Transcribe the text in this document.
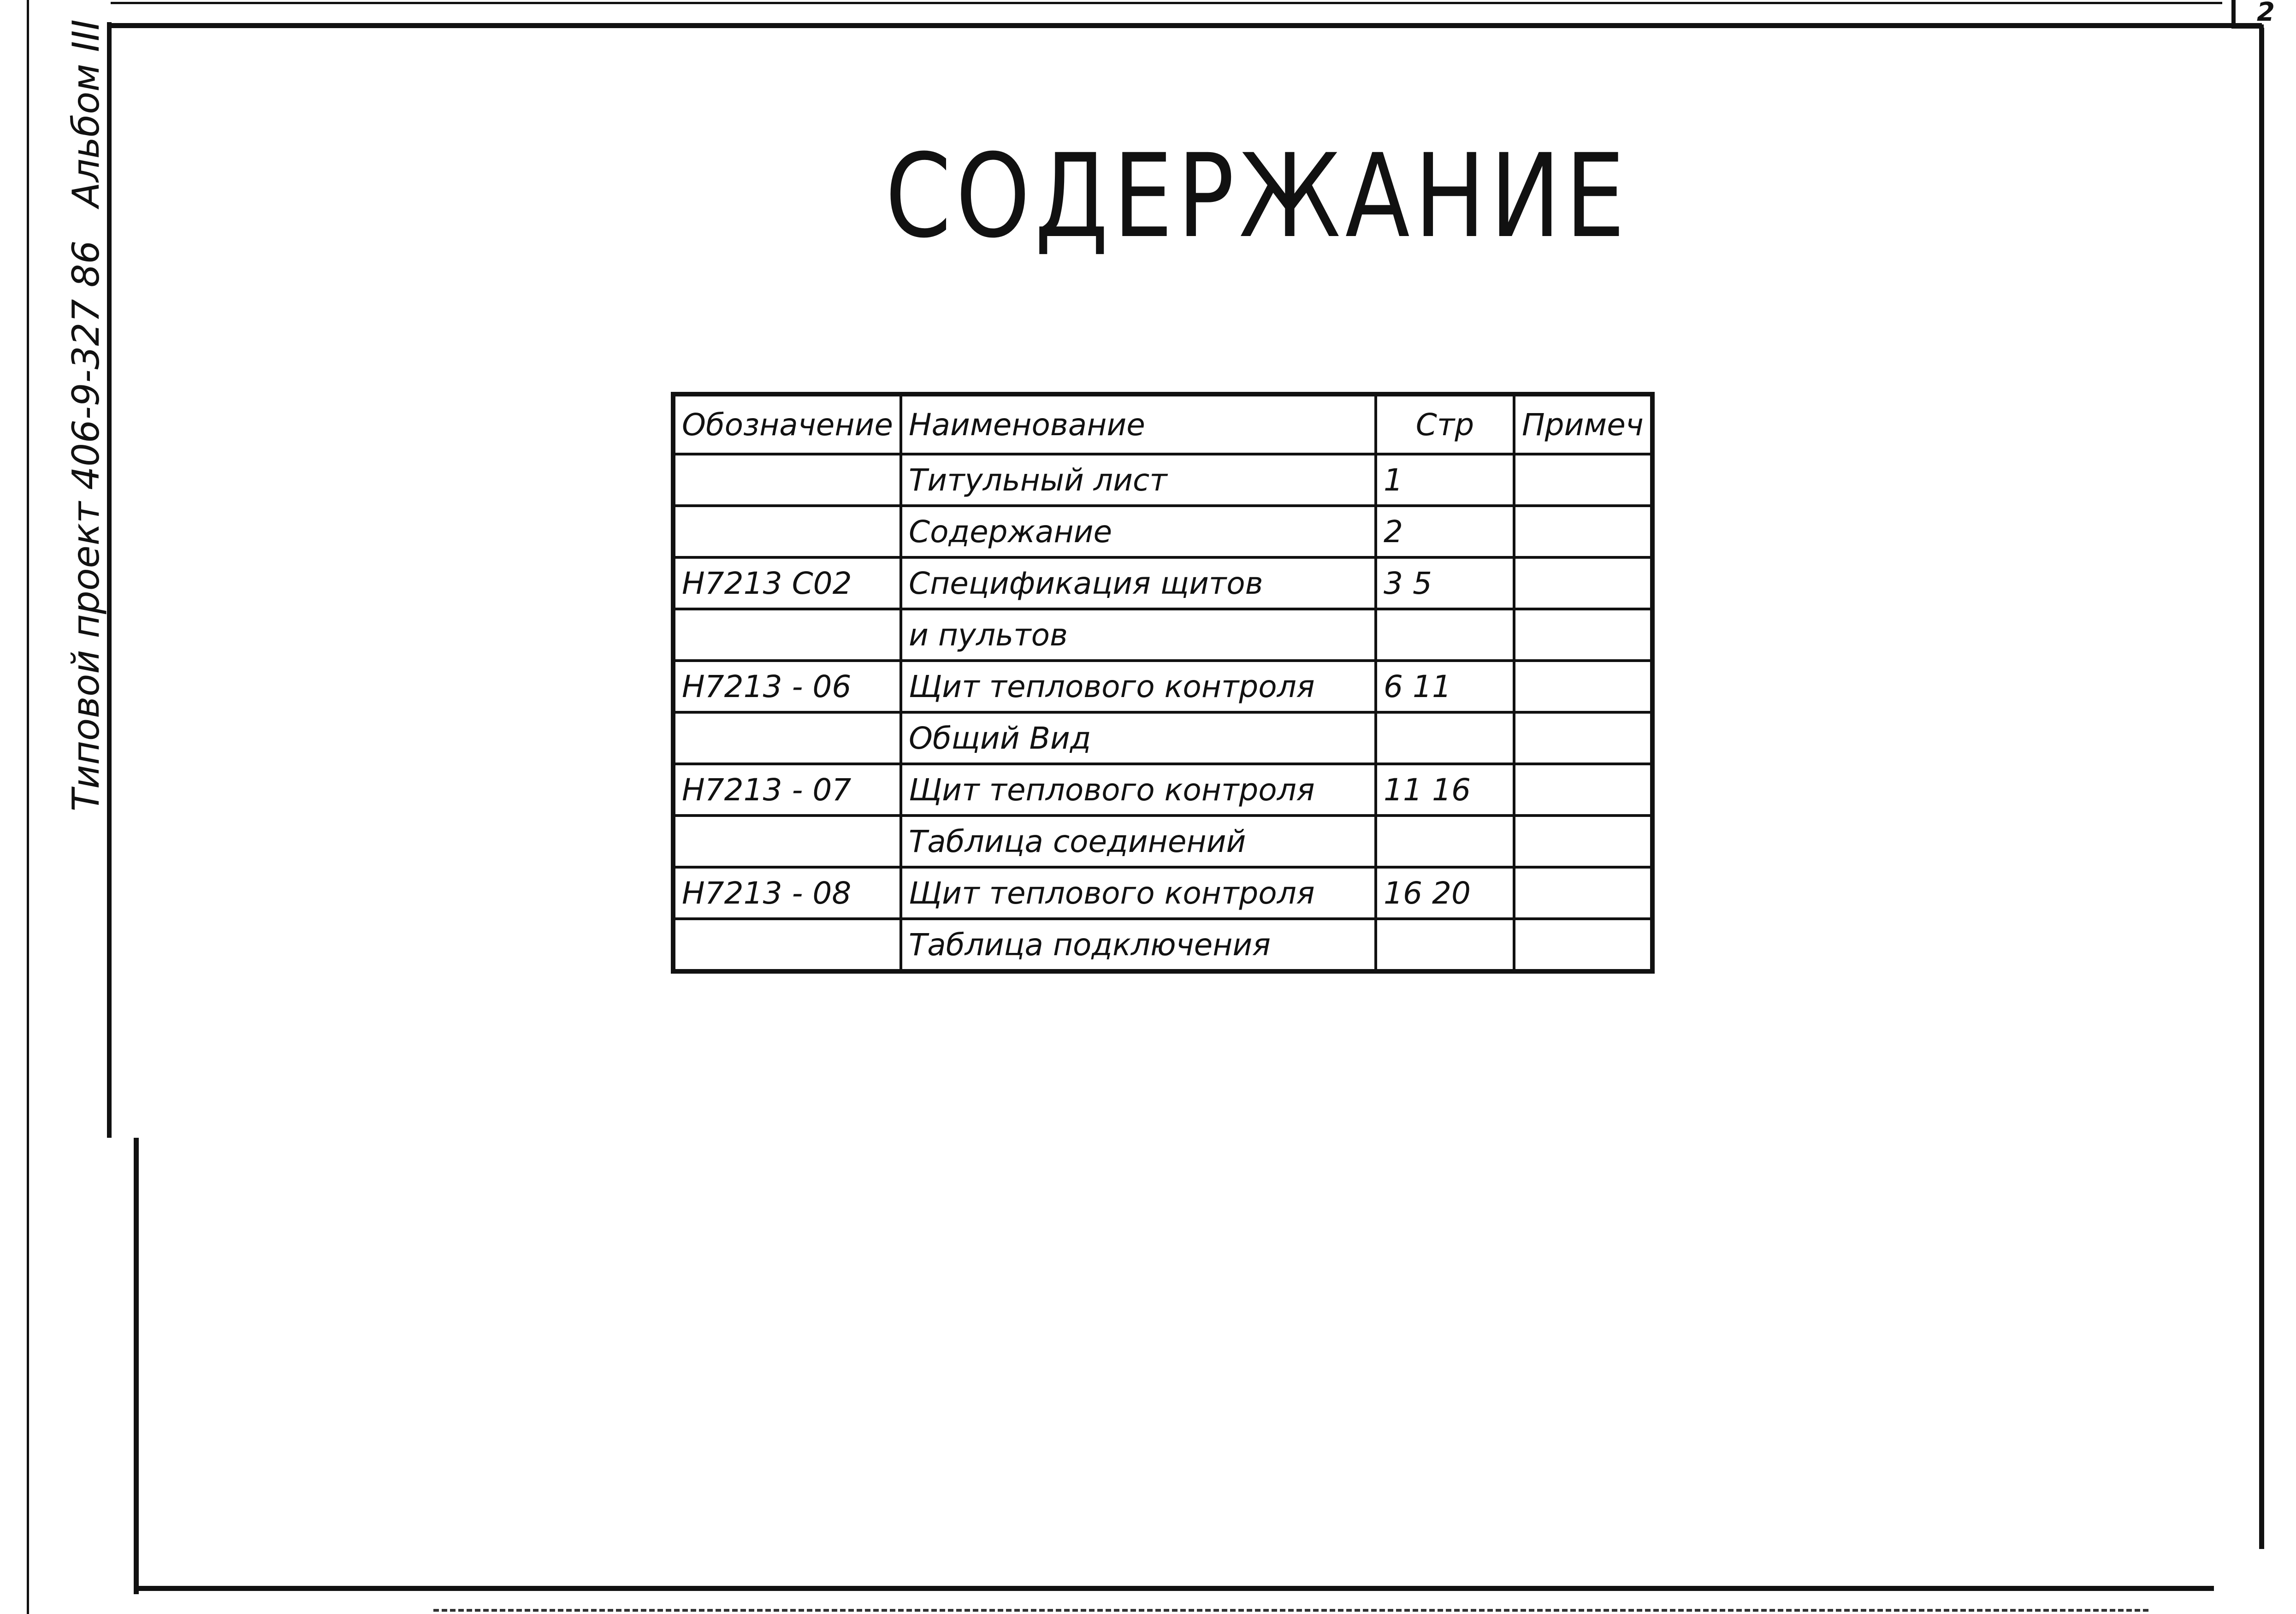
2
Типовой проект 406-9-327 86
Альбом III	СОДЕРЖАНИЕ
Обозначение	Наименование	Стр	Примеч
	Титульный лист	1	
	Содержание	2	
Н7213 С02	Спецификация щитов	3 5	
	и пультов		
Н7213 - 06	Щит теплового контроля	6 11	
	Общий Вид		
Н7213 - 07	Щит теплового контроля	11 16	
	Таблица соединений		
Н7213 - 08	Щит теплового контроля	16 20	
	Таблица подключения		
